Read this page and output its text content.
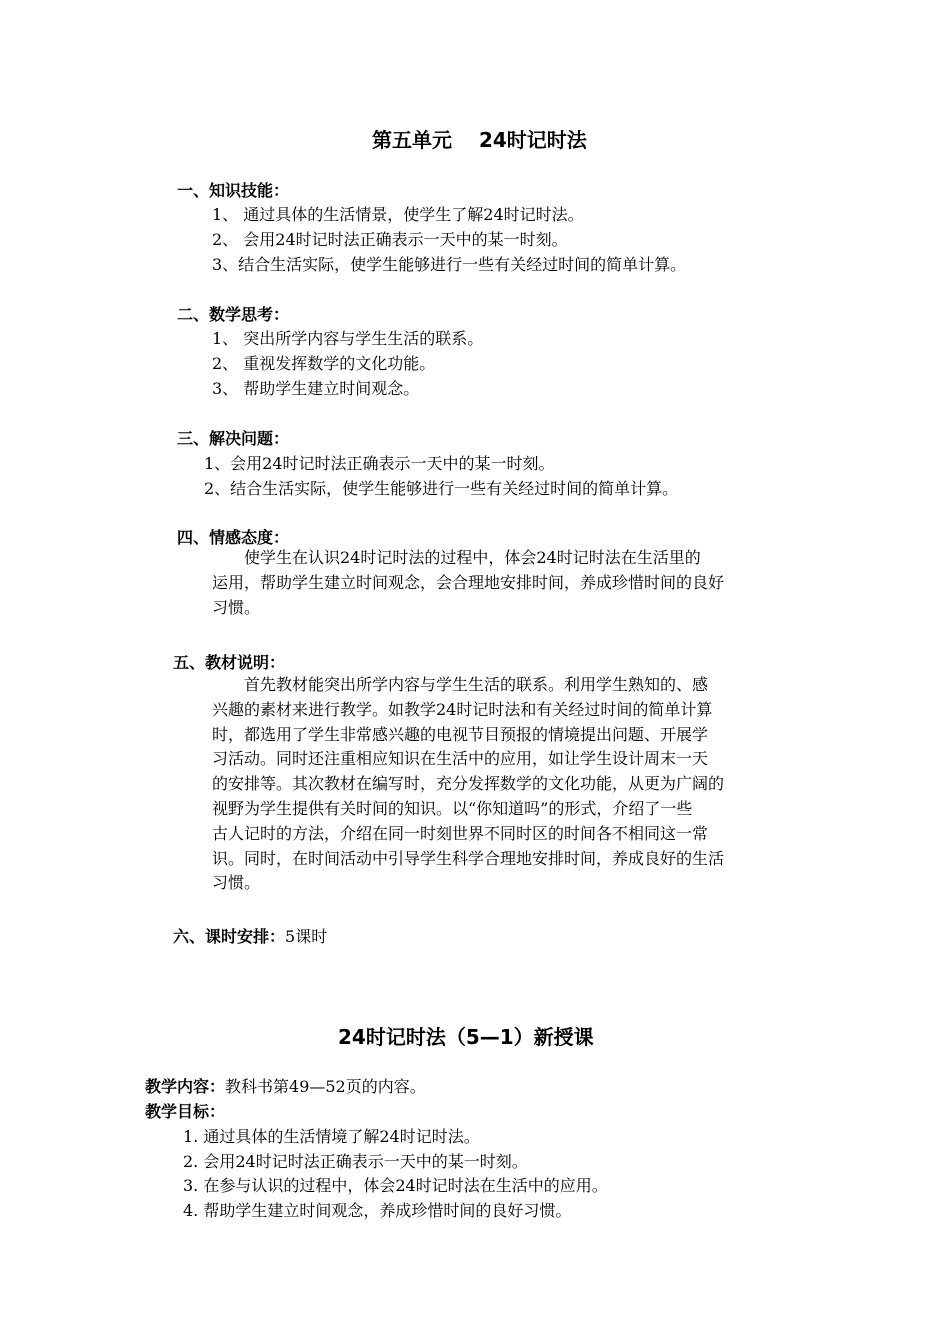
第五单元　 24时记时法
一、知识技能：
1、 通过具体的生活情景，使学生了解24时记时法。
2、 会用24时记时法正确表示一天中的某一时刻。
3、结合生活实际，使学生能够进行一些有关经过时间的简单计算。
二、数学思考：
1、 突出所学内容与学生生活的联系。
2、 重视发挥数学的文化功能。
3、 帮助学生建立时间观念。
三、解决问题：
1、会用24时记时法正确表示一天中的某一时刻。
2、结合生活实际，使学生能够进行一些有关经过时间的简单计算。
四、情感态度：
　　使学生在认识24时记时法的过程中，体会24时记时法在生活里的
运用，帮助学生建立时间观念，会合理地安排时间，养成珍惜时间的良好
习惯。
五、教材说明：
　　首先教材能突出所学内容与学生生活的联系。利用学生熟知的、感
兴趣的素材来进行教学。如教学24时记时法和有关经过时间的简单计算
时，都选用了学生非常感兴趣的电视节目预报的情境提出问题、开展学
习活动。同时还注重相应知识在生活中的应用，如让学生设计周末一天
的安排等。其次教材在编写时，充分发挥数学的文化功能，从更为广阔的
视野为学生提供有关时间的知识。以“你知道吗”的形式，介绍了一些
古人记时的方法，介绍在同一时刻世界不同时区的时间各不相同这一常
识。同时，在时间活动中引导学生科学合理地安排时间，养成良好的生活
习惯。
六、课时安排：5课时
24时记时法（5—1）新授课
教学内容：教科书第49—52页的内容。
教学目标：
1. 通过具体的生活情境了解24时记时法。
2. 会用24时记时法正确表示一天中的某一时刻。
3. 在参与认识的过程中，体会24时记时法在生活中的应用。
4. 帮助学生建立时间观念，养成珍惜时间的良好习惯。
